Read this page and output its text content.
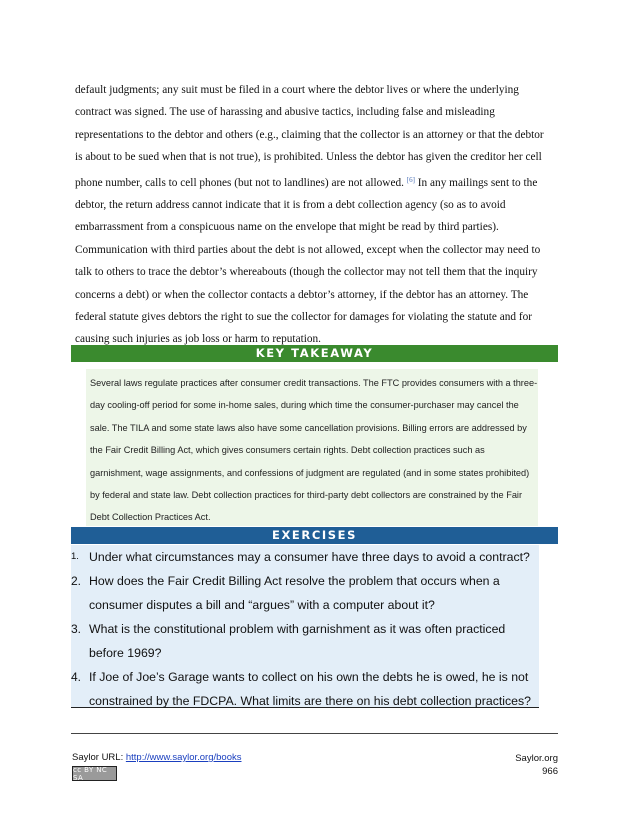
default judgments; any suit must be filed in a court where the debtor lives or where the underlying contract was signed. The use of harassing and abusive tactics, including false and misleading representations to the debtor and others (e.g., claiming that the collector is an attorney or that the debtor is about to be sued when that is not true), is prohibited. Unless the debtor has given the creditor her cell phone number, calls to cell phones (but not to landlines) are not allowed. [6] In any mailings sent to the debtor, the return address cannot indicate that it is from a debt collection agency (so as to avoid embarrassment from a conspicuous name on the envelope that might be read by third parties). Communication with third parties about the debt is not allowed, except when the collector may need to talk to others to trace the debtor’s whereabouts (though the collector may not tell them that the inquiry concerns a debt) or when the collector contacts a debtor’s attorney, if the debtor has an attorney. The federal statute gives debtors the right to sue the collector for damages for violating the statute and for causing such injuries as job loss or harm to reputation.
KEY TAKEAWAY
Several laws regulate practices after consumer credit transactions. The FTC provides consumers with a three-day cooling-off period for some in-home sales, during which time the consumer-purchaser may cancel the sale. The TILA and some state laws also have some cancellation provisions. Billing errors are addressed by the Fair Credit Billing Act, which gives consumers certain rights. Debt collection practices such as garnishment, wage assignments, and confessions of judgment are regulated (and in some states prohibited) by federal and state law. Debt collection practices for third-party debt collectors are constrained by the Fair Debt Collection Practices Act.
EXERCISES
1. Under what circumstances may a consumer have three days to avoid a contract?
2. How does the Fair Credit Billing Act resolve the problem that occurs when a consumer disputes a bill and “argues” with a computer about it?
3. What is the constitutional problem with garnishment as it was often practiced before 1969?
4. If Joe of Joe’s Garage wants to collect on his own the debts he is owed, he is not constrained by the FDCPA. What limits are there on his debt collection practices?
Saylor URL: http://www.saylor.org/books
cc BY NC SA
Saylor.org
966
